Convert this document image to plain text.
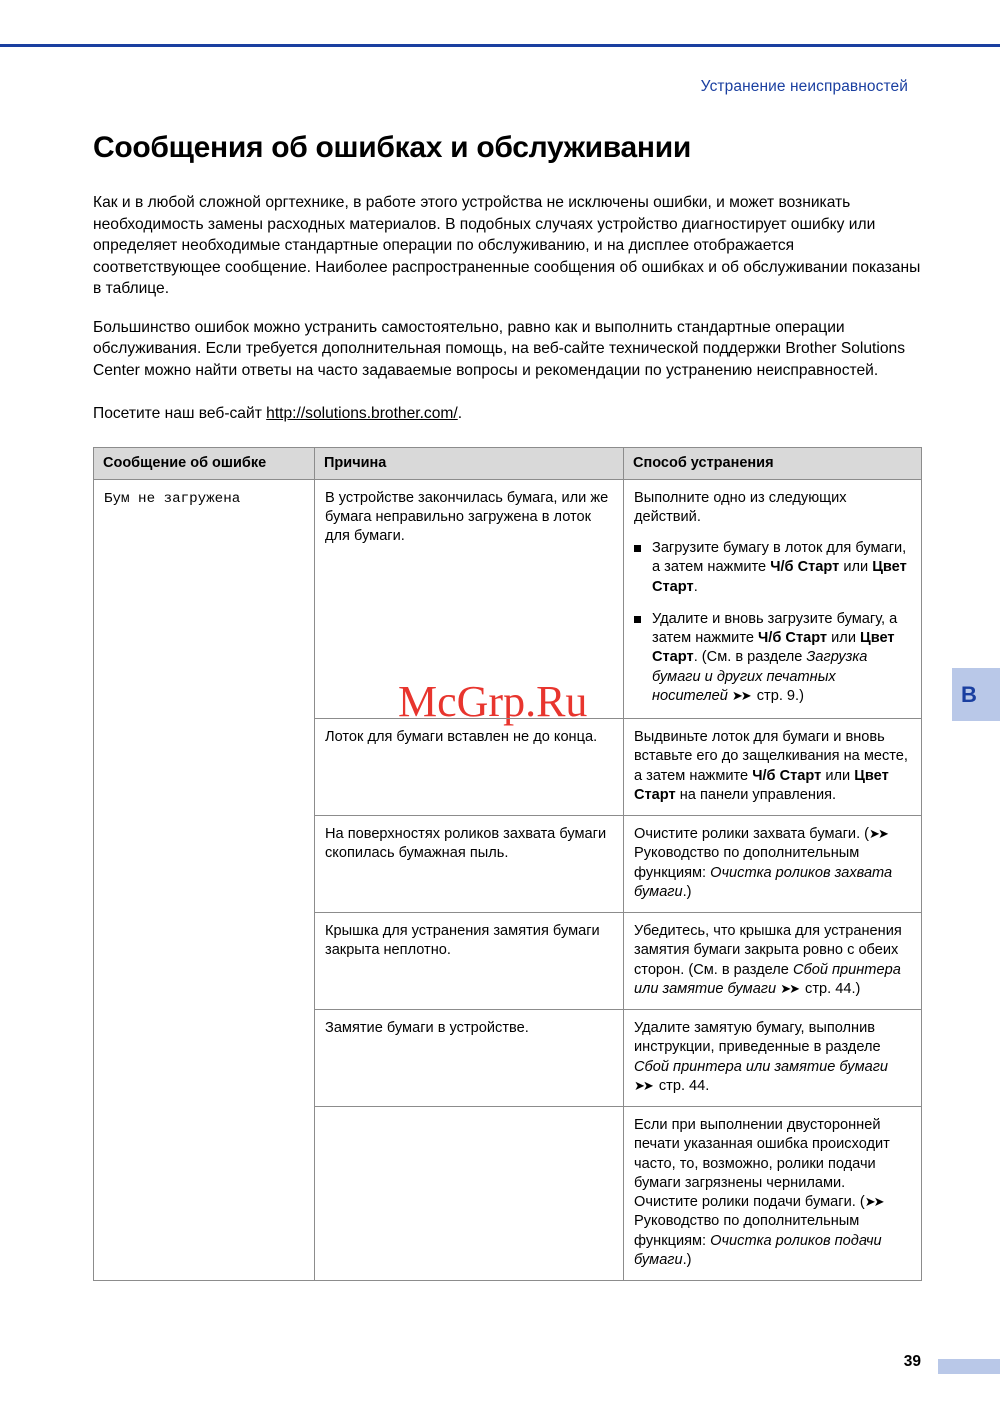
Устранение неисправностей
B
McGrp.Ru
Сообщения об ошибках и обслуживании

Как и в любой сложной оргтехнике, в работе этого устройства не исключены ошибки, и может возникать необходимость замены расходных материалов. В подобных случаях устройство диагностирует ошибку или определяет необходимые стандартные операции по обслуживанию, и на дисплее отображается соответствующее сообщение. Наиболее распространенные сообщения об ошибках и об обслуживании показаны в таблице.

Большинство ошибок можно устранить самостоятельно, равно как и выполнить стандартные операции обслуживания. Если требуется дополнительная помощь, на веб-сайте технической поддержки Brother Solutions Center можно найти ответы на часто задаваемые вопросы и рекомендации по устранению неисправностей.

Посетите наш веб-сайт http://solutions.brother.com/.

Сообщение об ошибке	Причина	Способ устранения
Бум не загружена	В устройстве закончилась бумага, или же бумага неправильно загружена в лоток для бумаги.	Выполните одно из следующих действий.
Загрузите бумагу в лоток для бумаги, а затем нажмите Ч/б Старт или Цвет Старт.
Удалите и вновь загрузите бумагу, а затем нажмите Ч/б Старт или Цвет Старт. (См. в разделе Загрузка бумаги и других печатных носителей ➤➤ стр. 9.)

	Лоток для бумаги вставлен не до конца.	Выдвиньте лоток для бумаги и вновь вставьте его до защелкивания на месте, а затем нажмите Ч/б Старт или Цвет Старт на панели управления.
	На поверхностях роликов захвата бумаги скопилась бумажная пыль.	Очистите ролики захвата бумаги. (➤➤ Руководство по дополнительным функциям: Очистка роликов захвата бумаги.)
	Крышка для устранения замятия бумаги закрыта неплотно.	Убедитесь, что крышка для устранения замятия бумаги закрыта ровно с обеих сторон. (См. в разделе Сбой принтера или замятие бумаги ➤➤ стр. 44.)
	Замятие бумаги в устройстве.	Удалите замятую бумагу, выполнив инструкции, приведенные в разделе Сбой принтера или замятие бумаги ➤➤ стр. 44.
		Если при выполнении двусторонней печати указанная ошибка происходит часто, то, возможно, ролики подачи бумаги загрязнены чернилами. Очистите ролики подачи бумаги. (➤➤ Руководство по дополнительным функциям: Очистка роликов подачи бумаги.)
39
